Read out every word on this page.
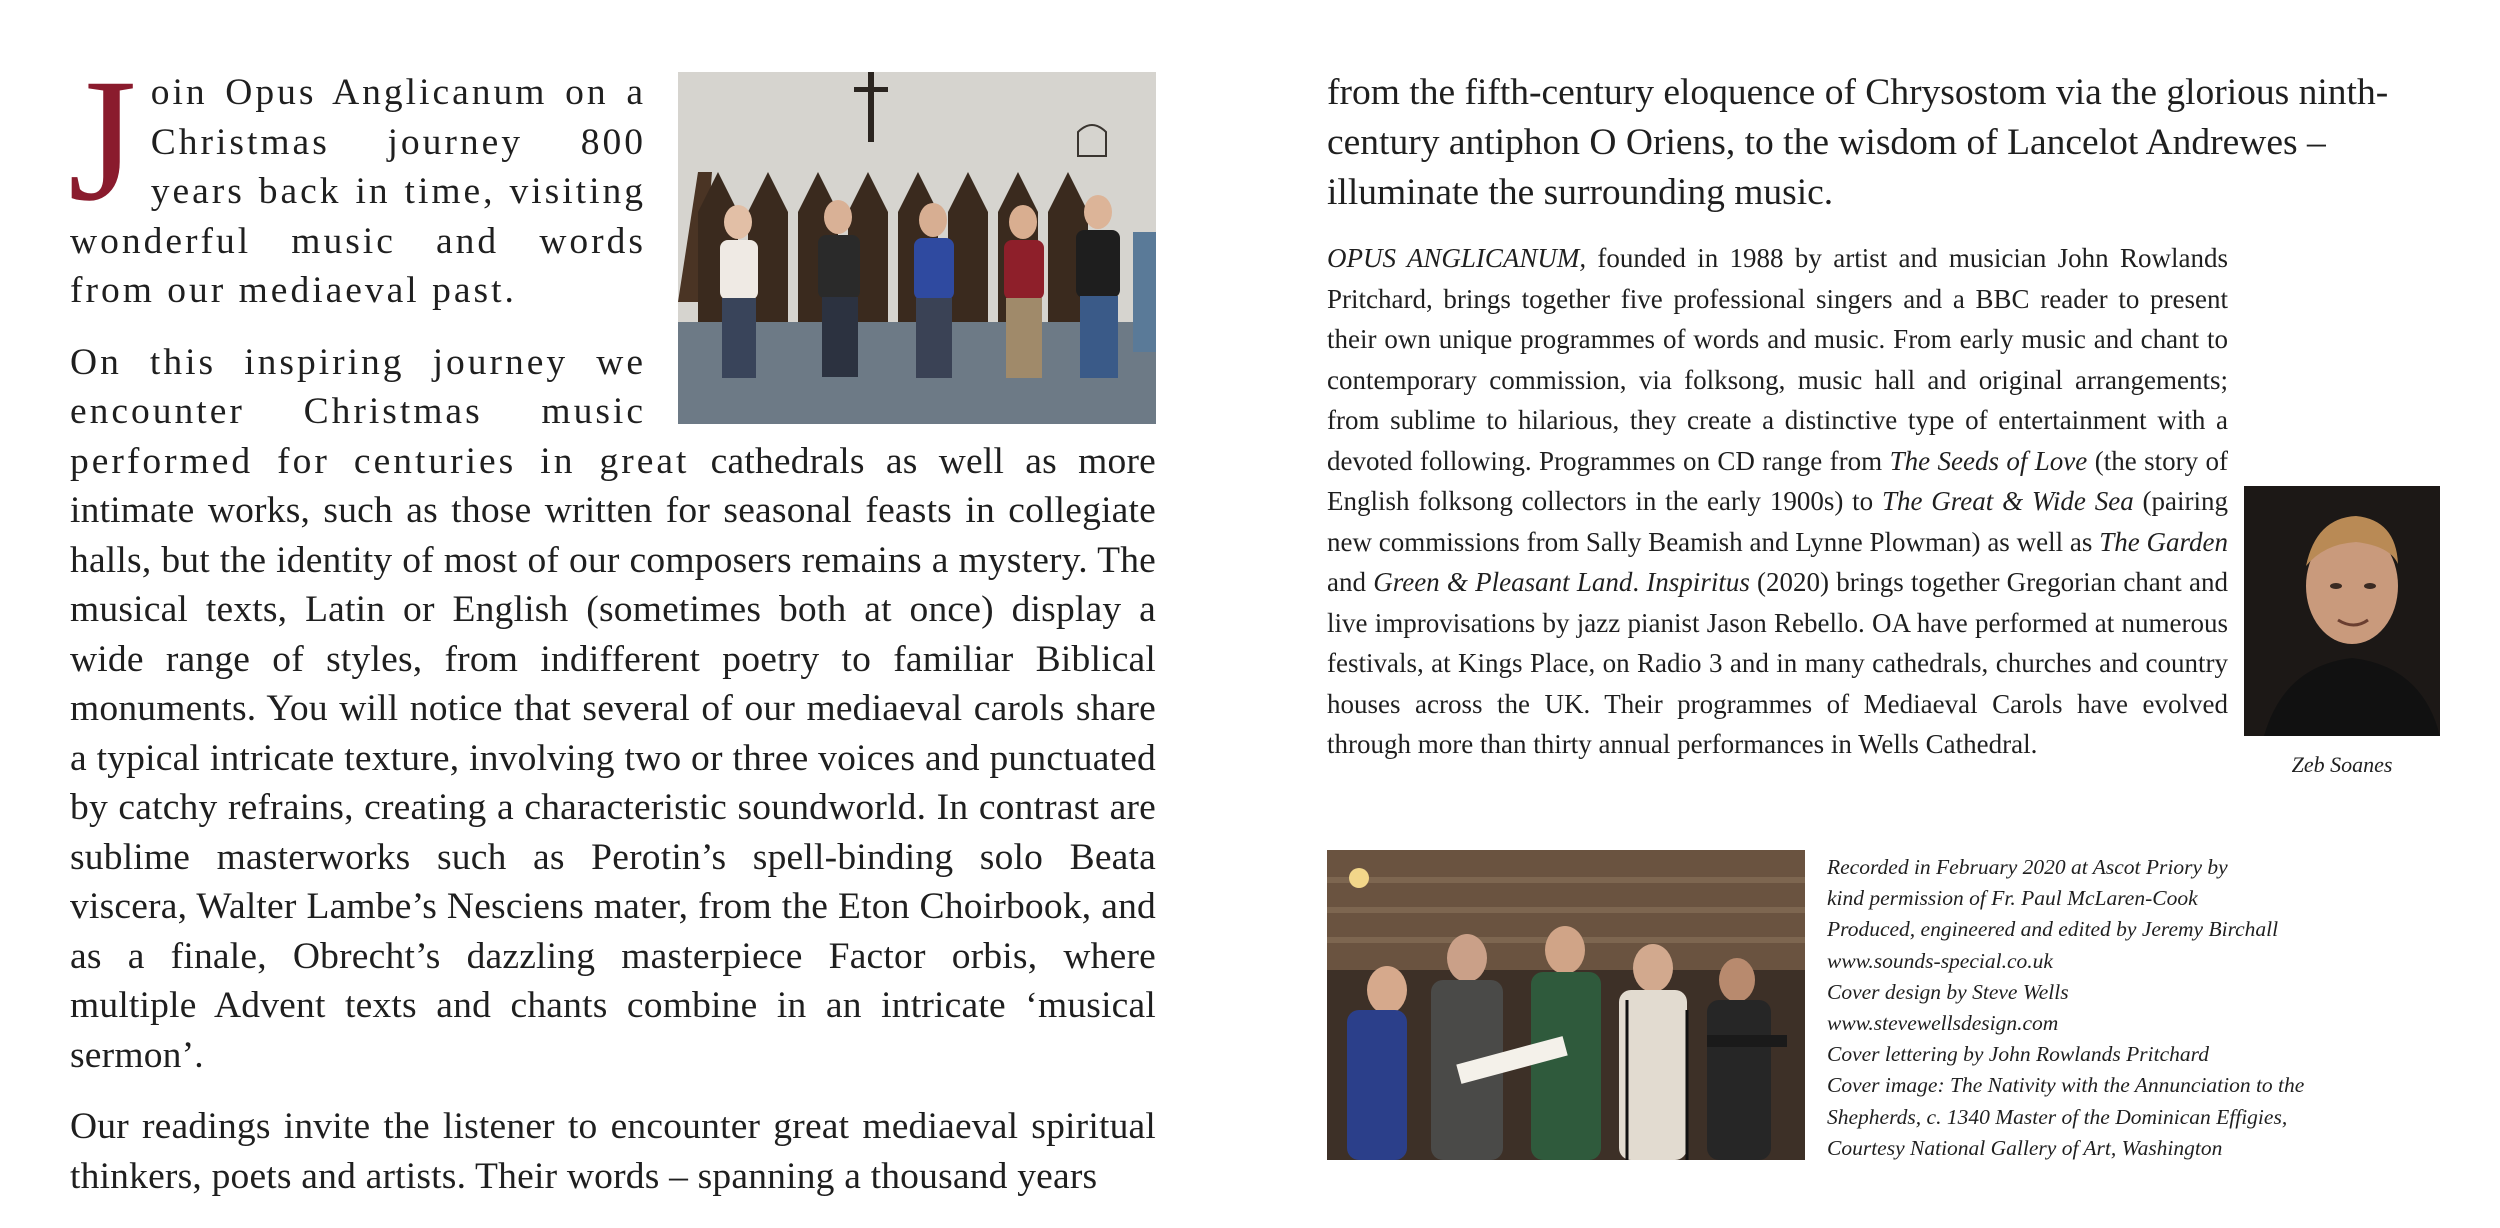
Join Opus Anglicanum on a Christmas journey 800 years back in time, visiting wonderful music and words from our mediaeval past.

On this inspiring journey we encounter Christmas music performed for centuries in great cathedrals as well as more intimate works, such as those written for seasonal feasts in collegiate halls, but the identity of most of our composers remains a mystery. The musical texts, Latin or English (sometimes both at once) display a wide range of styles, from indifferent poetry to familiar Biblical monuments. You will notice that several of our mediaeval carols share a typical intricate texture, involving two or three voices and punctuated by catchy refrains, creating a characteristic soundworld. In contrast are sublime masterworks such as Perotin’s spell-binding solo Beata viscera, Walter Lambe’s Nesciens mater, from the Eton Choirbook, and as a finale, Obrecht’s dazzling masterpiece Factor orbis, where multiple Advent texts and chants combine in an intricate ‘musical sermon’.

Our readings invite the listener to encounter great mediaeval spiritual thinkers, poets and artists. Their words – spanning a thousand years

from the fifth-century eloquence of Chrysostom via the glorious ninth-century antiphon O Oriens, to the wisdom of Lancelot Andrewes – illuminate the surrounding music.

Zeb Soanes

OPUS ANGLICANUM, founded in 1988 by artist and musician John Rowlands Pritchard, brings together five professional singers and a BBC reader to present their own unique programmes of words and music. From early music and chant to contemporary commission, via folksong, music hall and original arrangements; from sublime to hilarious, they create a distinctive type of entertainment with a devoted following. Programmes on CD range from The Seeds of Love (the story of English folksong collectors in the early 1900s) to The Great & Wide Sea (pairing new commissions from Sally Beamish and Lynne Plowman) as well as The Garden and Green & Pleasant Land. Inspiritus (2020) brings together Gregorian chant and live improvisations by jazz pianist Jason Rebello. OA have performed at numerous festivals, at Kings Place, on Radio 3 and in many cathedrals, churches and country houses across the UK. Their programmes of Mediaeval Carols have evolved through more than thirty annual performances in Wells Cathedral.

Recorded in February 2020 at Ascot Priory by
kind permission of Fr. Paul McLaren-Cook
Produced, engineered and edited by Jeremy Birchall
www.sounds-special.co.uk
Cover design by Steve Wells
www.stevewellsdesign.com
Cover lettering by John Rowlands Pritchard
Cover image: The Nativity with the Annunciation to the
Shepherds, c. 1340 Master of the Dominican Effigies,
Courtesy National Gallery of Art, Washington
